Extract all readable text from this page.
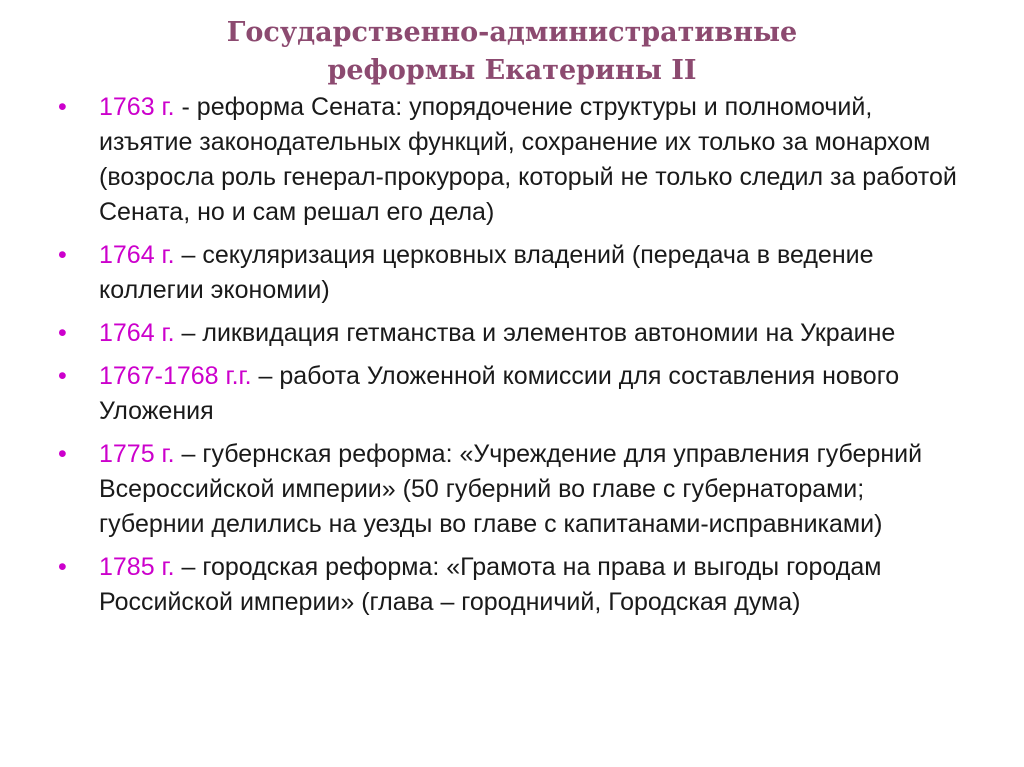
Государственно-административные
реформы Екатерины II
• 1763 г. - реформа Сената: упорядочение структуры и полномочий, изъятие законодательных функций, сохранение их только за монархом (возросла роль генерал-прокурора, который не только следил за работой Сената, но и сам решал его дела)
• 1764 г. – секуляризация церковных владений (передача в ведение коллегии экономии)
• 1764 г. – ликвидация гетманства и элементов автономии на Украине
• 1767-1768 г.г. – работа Уложенной комиссии для составления нового Уложения
• 1775 г. – губернская реформа: «Учреждение для управления губерний Всероссийской империи» (50 губерний во главе с губернаторами; губернии делились на уезды во главе с капитанами-исправниками)
• 1785 г. – городская реформа: «Грамота на права и выгоды городам Российской империи» (глава – городничий, Городская дума)
